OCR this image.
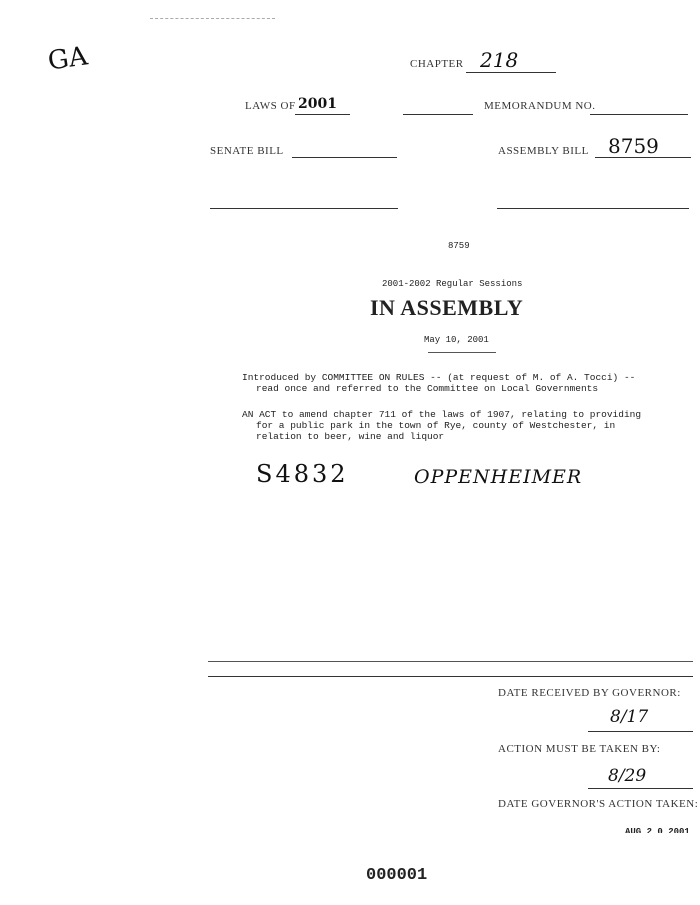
GA	CHAPTER 218
LAWS OF 2001	MEMORANDUM NO.
SENATE BILL	ASSEMBLY BILL 8759
8759
2001-2002 Regular Sessions
IN ASSEMBLY
May 10, 2001
Introduced by COMMITTEE ON RULES -- (at request of M. of A. Tocci) --
read once and referred to the Committee on Local Governments
AN ACT to amend chapter 711 of the laws of 1907, relating to providing
for a public park in the town of Rye, county of Westchester, in
relation to beer, wine and liquor
S4832	OPPENHEIMER
DATE RECEIVED BY GOVERNOR:
8/17
ACTION MUST BE TAKEN BY:
8/29
DATE GOVERNOR'S ACTION TAKEN:
AUG 2 0 2001
000001
